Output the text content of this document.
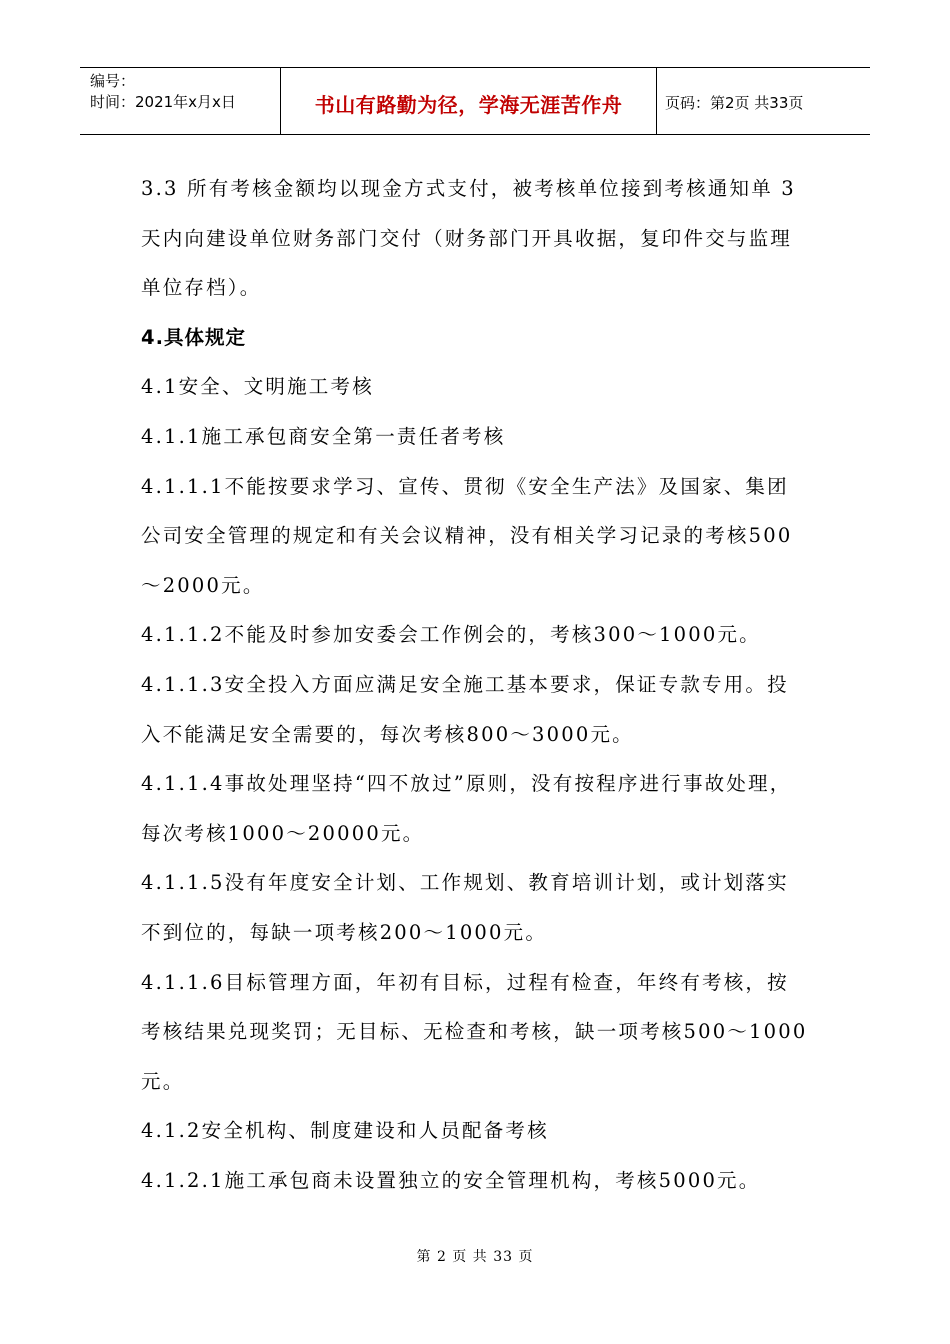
编号：
时间：2021年x月x日	书山有路勤为径，学海无涯苦作舟	页码：第2页 共33页

3.3 所有考核金额均以现金方式支付，被考核单位接到考核通知单 3

天内向建设单位财务部门交付（财务部门开具收据，复印件交与监理

单位存档）。

4.具体规定

4.1安全、文明施工考核

4.1.1施工承包商安全第一责任者考核

4.1.1.1不能按要求学习、宣传、贯彻《安全生产法》及国家、集团

公司安全管理的规定和有关会议精神，没有相关学习记录的考核500

～2000元。

4.1.1.2不能及时参加安委会工作例会的，考核300～1000元。

4.1.1.3安全投入方面应满足安全施工基本要求，保证专款专用。投

入不能满足安全需要的，每次考核800～3000元。

4.1.1.4事故处理坚持“四不放过”原则，没有按程序进行事故处理，

每次考核1000～20000元。

4.1.1.5没有年度安全计划、工作规划、教育培训计划，或计划落实

不到位的，每缺一项考核200～1000元。

4.1.1.6目标管理方面，年初有目标，过程有检查，年终有考核，按

考核结果兑现奖罚；无目标、无检查和考核，缺一项考核500～1000

元。

4.1.2安全机构、制度建设和人员配备考核

4.1.2.1施工承包商未设置独立的安全管理机构，考核5000元。

第 2 页 共 33 页
